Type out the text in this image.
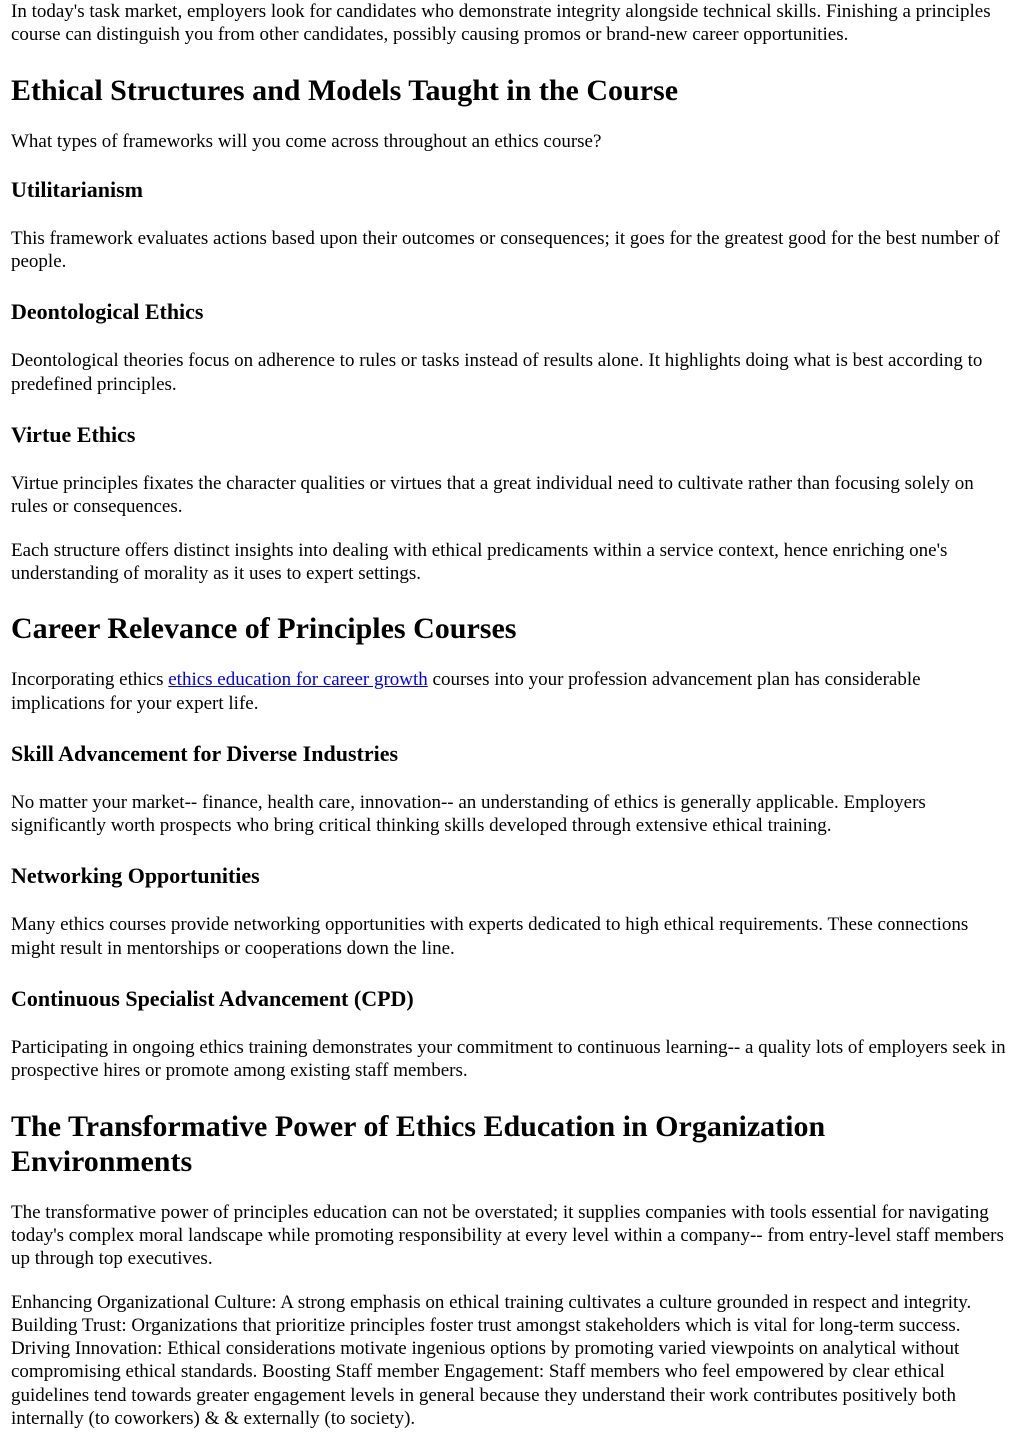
In today's task market, employers look for candidates who demonstrate integrity alongside technical skills. Finishing a principles course can distinguish you from other candidates, possibly causing promos or brand-new career opportunities.

Ethical Structures and Models Taught in the Course

What types of frameworks will you come across throughout an ethics course?

Utilitarianism

This framework evaluates actions based upon their outcomes or consequences; it goes for the greatest good for the best number of people.

Deontological Ethics

Deontological theories focus on adherence to rules or tasks instead of results alone. It highlights doing what is best according to predefined principles.

Virtue Ethics

Virtue principles fixates the character qualities or virtues that a great individual need to cultivate rather than focusing solely on rules or consequences.

Each structure offers distinct insights into dealing with ethical predicaments within a service context, hence enriching one's understanding of morality as it uses to expert settings.

Career Relevance of Principles Courses

Incorporating ethics ethics education for career growth courses into your profession advancement plan has considerable implications for your expert life.

Skill Advancement for Diverse Industries

No matter your market-- finance, health care, innovation-- an understanding of ethics is generally applicable. Employers significantly worth prospects who bring critical thinking skills developed through extensive ethical training.

Networking Opportunities

Many ethics courses provide networking opportunities with experts dedicated to high ethical requirements. These connections might result in mentorships or cooperations down the line.

Continuous Specialist Advancement (CPD)

Participating in ongoing ethics training demonstrates your commitment to continuous learning-- a quality lots of employers seek in prospective hires or promote among existing staff members.

The Transformative Power of Ethics Education in Organization Environments

The transformative power of principles education can not be overstated; it supplies companies with tools essential for navigating today's complex moral landscape while promoting responsibility at every level within a company-- from entry-level staff members up through top executives.

Enhancing Organizational Culture: A strong emphasis on ethical training cultivates a culture grounded in respect and integrity. Building Trust: Organizations that prioritize principles foster trust amongst stakeholders which is vital for long-term success. Driving Innovation: Ethical considerations motivate ingenious options by promoting varied viewpoints on analytical without compromising ethical standards. Boosting Staff member Engagement: Staff members who feel empowered by clear ethical guidelines tend towards greater engagement levels in general because they understand their work contributes positively both internally (to coworkers) & & externally (to society).
